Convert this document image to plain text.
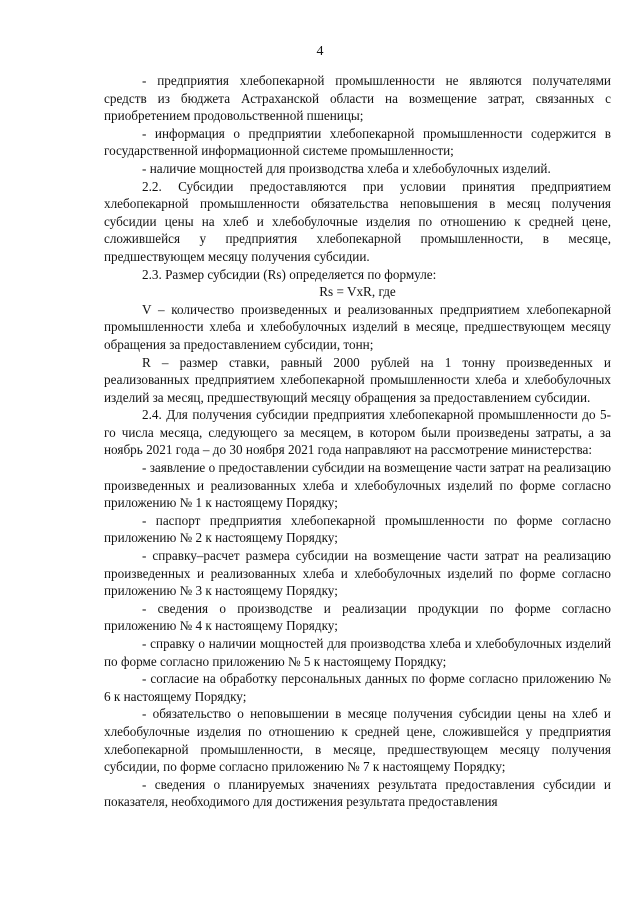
4

- предприятия хлебопекарной промышленности не являются получателями средств из бюджета Астраханской области на возмещение затрат, связанных с приобретением продовольственной пшеницы;

- информация о предприятии хлебопекарной промышленности содержится в государственной информационной системе промышленности;

- наличие мощностей для производства хлеба и хлебобулочных изделий.

2.2. Субсидии предоставляются при условии принятия предприятием хлебопекарной промышленности обязательства неповышения в месяц получения субсидии цены на хлеб и хлебобулочные изделия по отношению к средней цене, сложившейся у предприятия хлебопекарной промышленности, в месяце, предшествующем месяцу получения субсидии.

2.3. Размер субсидии (Rs) определяется по формуле:

Rs = VxR, где

V – количество произведенных и реализованных предприятием хлебопекарной промышленности хлеба и хлебобулочных изделий в месяце, предшествующем месяцу обращения за предоставлением субсидии, тонн;

R – размер ставки, равный 2000 рублей на 1 тонну произведенных и реализованных предприятием хлебопекарной промышленности хлеба и хлебобулочных изделий за месяц, предшествующий месяцу обращения за предоставлением субсидии.

2.4. Для получения субсидии предприятия хлебопекарной промышленности до 5-го числа месяца, следующего за месяцем, в котором были произведены затраты, а за ноябрь 2021 года – до 30 ноября 2021 года направляют на рассмотрение министерства:

- заявление о предоставлении субсидии на возмещение части затрат на реализацию произведенных и реализованных хлеба и хлебобулочных изделий по форме согласно приложению № 1 к настоящему Порядку;

- паспорт предприятия хлебопекарной промышленности по форме согласно приложению № 2 к настоящему Порядку;

- справку–расчет размера субсидии на возмещение части затрат на реализацию произведенных и реализованных хлеба и хлебобулочных изделий по форме согласно приложению № 3 к настоящему Порядку;

- сведения о производстве и реализации продукции по форме согласно приложению № 4 к настоящему Порядку;

- справку о наличии мощностей для производства хлеба и хлебобулочных изделий по форме согласно приложению № 5 к настоящему Порядку;

- согласие на обработку персональных данных по форме согласно приложению № 6 к настоящему Порядку;

- обязательство о неповышении в месяце получения субсидии цены на хлеб и хлебобулочные изделия по отношению к средней цене, сложившейся у предприятия хлебопекарной промышленности, в месяце, предшествующем месяцу получения субсидии, по форме согласно приложению № 7 к настоящему Порядку;

- сведения о планируемых значениях результата предоставления субсидии и показателя, необходимого для достижения результата предоставления
